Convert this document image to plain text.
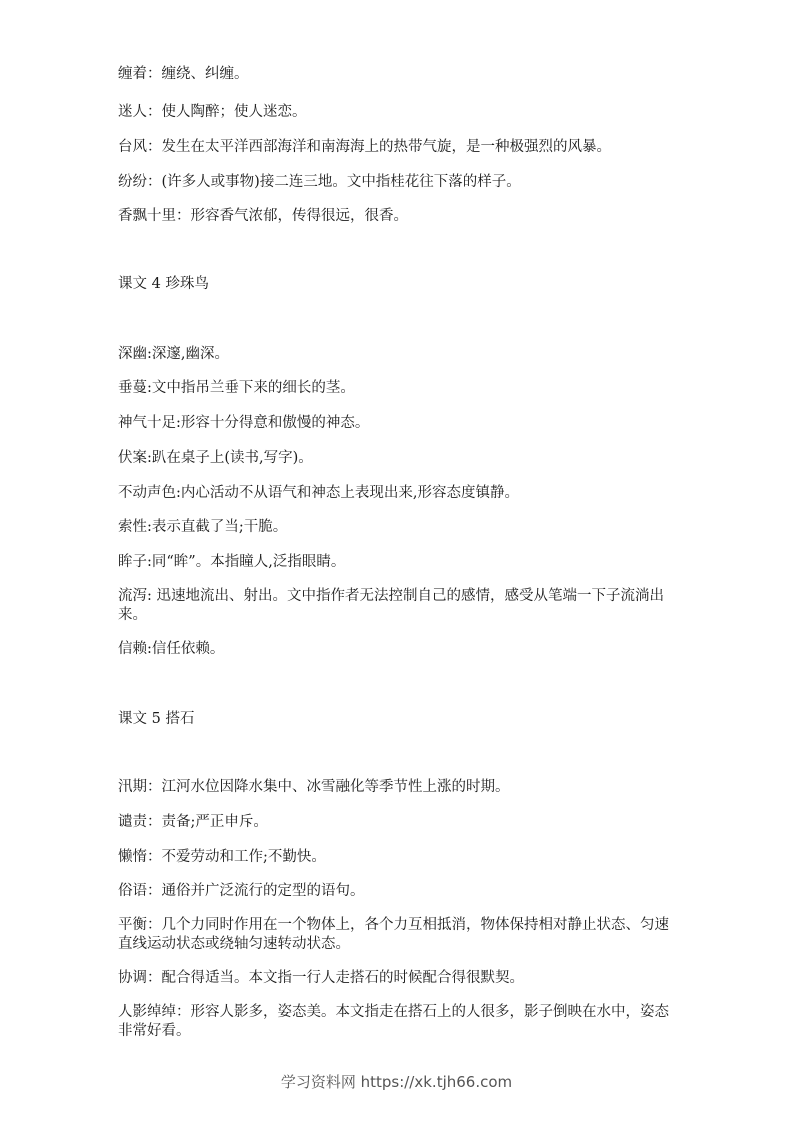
缠着：缠绕、纠缠。
迷人：使人陶醉；使人迷恋。
台风：发生在太平洋西部海洋和南海海上的热带气旋，是一种极强烈的风暴。
纷纷：(许多人或事物)接二连三地。文中指桂花往下落的样子。
香飘十里：形容香气浓郁，传得很远，很香。
课文 4 珍珠鸟
深幽:深邃,幽深。
垂蔓:文中指吊兰垂下来的细长的茎。
神气十足:形容十分得意和傲慢的神态。
伏案:趴在桌子上(读书,写字)。
不动声色:内心活动不从语气和神态上表现出来,形容态度镇静。
索性:表示直截了当;干脆。
眸子:同“眸”。本指瞳人,泛指眼睛。
流泻: 迅速地流出、射出。文中指作者无法控制自己的感情，感受从笔端一下子流淌出来。
信赖:信任依赖。
课文 5 搭石
汛期：江河水位因降水集中、冰雪融化等季节性上涨的时期。
谴责：责备;严正申斥。
懒惰：不爱劳动和工作;不勤快。
俗语：通俗并广泛流行的定型的语句。
平衡：几个力同时作用在一个物体上，各个力互相抵消，物体保持相对静止状态、匀速直线运动状态或绕轴匀速转动状态。
协调：配合得适当。本文指一行人走搭石的时候配合得很默契。
人影绰绰：形容人影多，姿态美。本文指走在搭石上的人很多，影子倒映在水中，姿态非常好看。
学习资料网 https://xk.tjh66.com
